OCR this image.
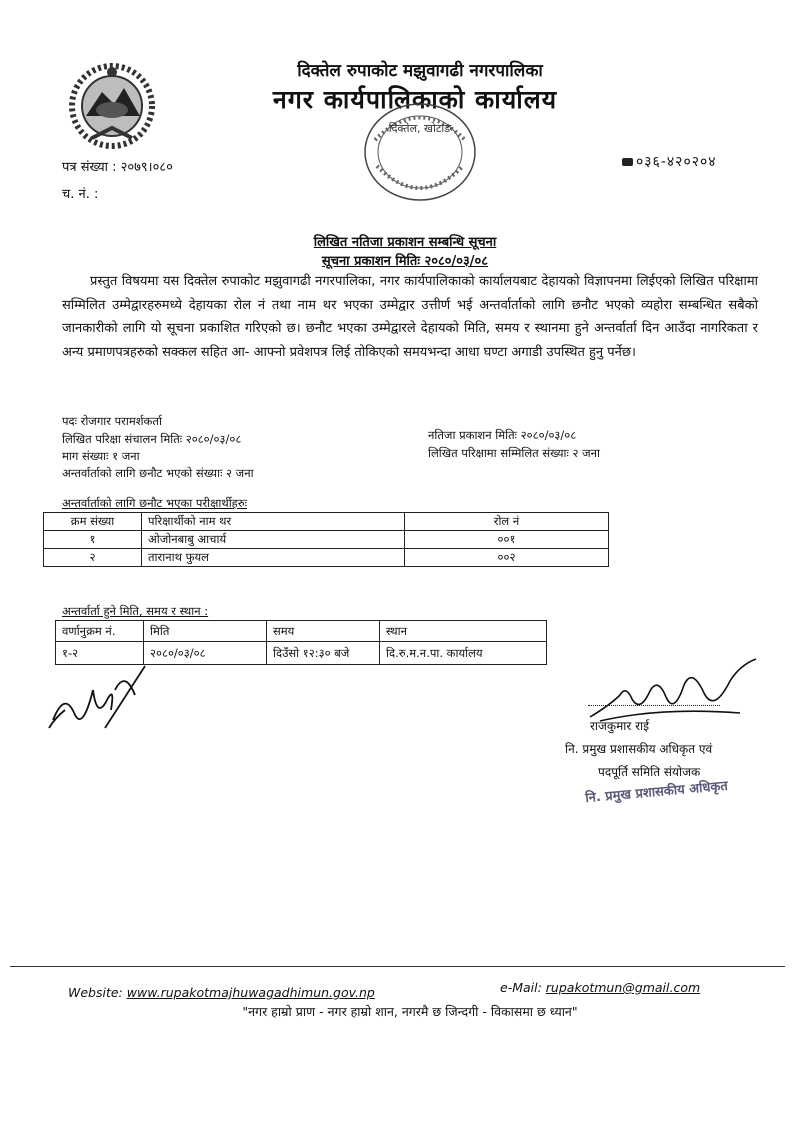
दिक्तेल रुपाकोट मझुवागढी नगरपालिका
नगर कार्यपालिकाको कार्यालय
दिक्तेल, खोटाङ
पत्र संख्या : २०७९।०८०
च. नं. :
०३६-४२०२०४
लिखित नतिजा प्रकाशन सम्बन्धि सूचना
सूचना प्रकाशन मितिः २०८०/०३/०८

प्रस्तुत विषयमा यस दिक्तेल रुपाकोट मझुवागढी नगरपालिका, नगर कार्यपालिकाको कार्यालयबाट देहायको विज्ञापनमा लिईएको लिखित परिक्षामा सम्मिलित उम्मेद्वारहरुमध्ये देहायका रोल नं तथा नाम थर भएका उम्मेद्वार उत्तीर्ण भई अन्तर्वार्ताको लागि छनौट भएको व्यहोरा सम्बन्धित सबैको जानकारीको लागि यो सूचना प्रकाशित गरिएको छ। छनौट भएका उम्मेद्वारले देहायको मिति, समय र स्थानमा हुने अन्तर्वार्ता दिन आउँदा नागरिकता र अन्य प्रमाणपत्रहरुको सक्कल सहित आ- आफ्नो प्रवेशपत्र लिई तोकिएको समयभन्दा आधा घण्टा अगाडी उपस्थित हुनु पर्नेछ।

पदः रोजगार परामर्शकर्ता
लिखित परिक्षा संचालन मितिः २०८०/०३/०८
माग संख्याः १ जना
अन्तर्वार्ताको लागि छनौट भएको संख्याः २ जना
नतिजा प्रकाशन मितिः २०८०/०३/०८
लिखित परिक्षामा सम्मिलित संख्याः २ जना
अन्तर्वार्ताको लागि छनौट भएका परीक्षार्थीहरुः
क्रम संख्या	परिक्षार्थीको नाम थर	रोल नं
१	ओजोनबाबु आचार्य	००१
२	तारानाथ फुयल	००२
अन्तर्वार्ता हुने मिति, समय र स्थान :
वर्णानुक्रम नं.	मिति	समय	स्थान
१-२	२०८०/०३/०८	दिउँसो १२:३० बजे	दि.रु.म.न.पा. कार्यालय
राजकुमार राई
नि. प्रमुख प्रशासकीय अधिकृत एवं
पदपूर्ति समिति संयोजक
नि. प्रमुख प्रशासकीय अधिकृत
Website: www.rupakotmajhuwagadhimun.gov.np	e-Mail: rupakotmun@gmail.com
"नगर हाम्रो प्राण - नगर हाम्रो शान, नगरमै छ जिन्दगी - विकासमा छ ध्यान"
